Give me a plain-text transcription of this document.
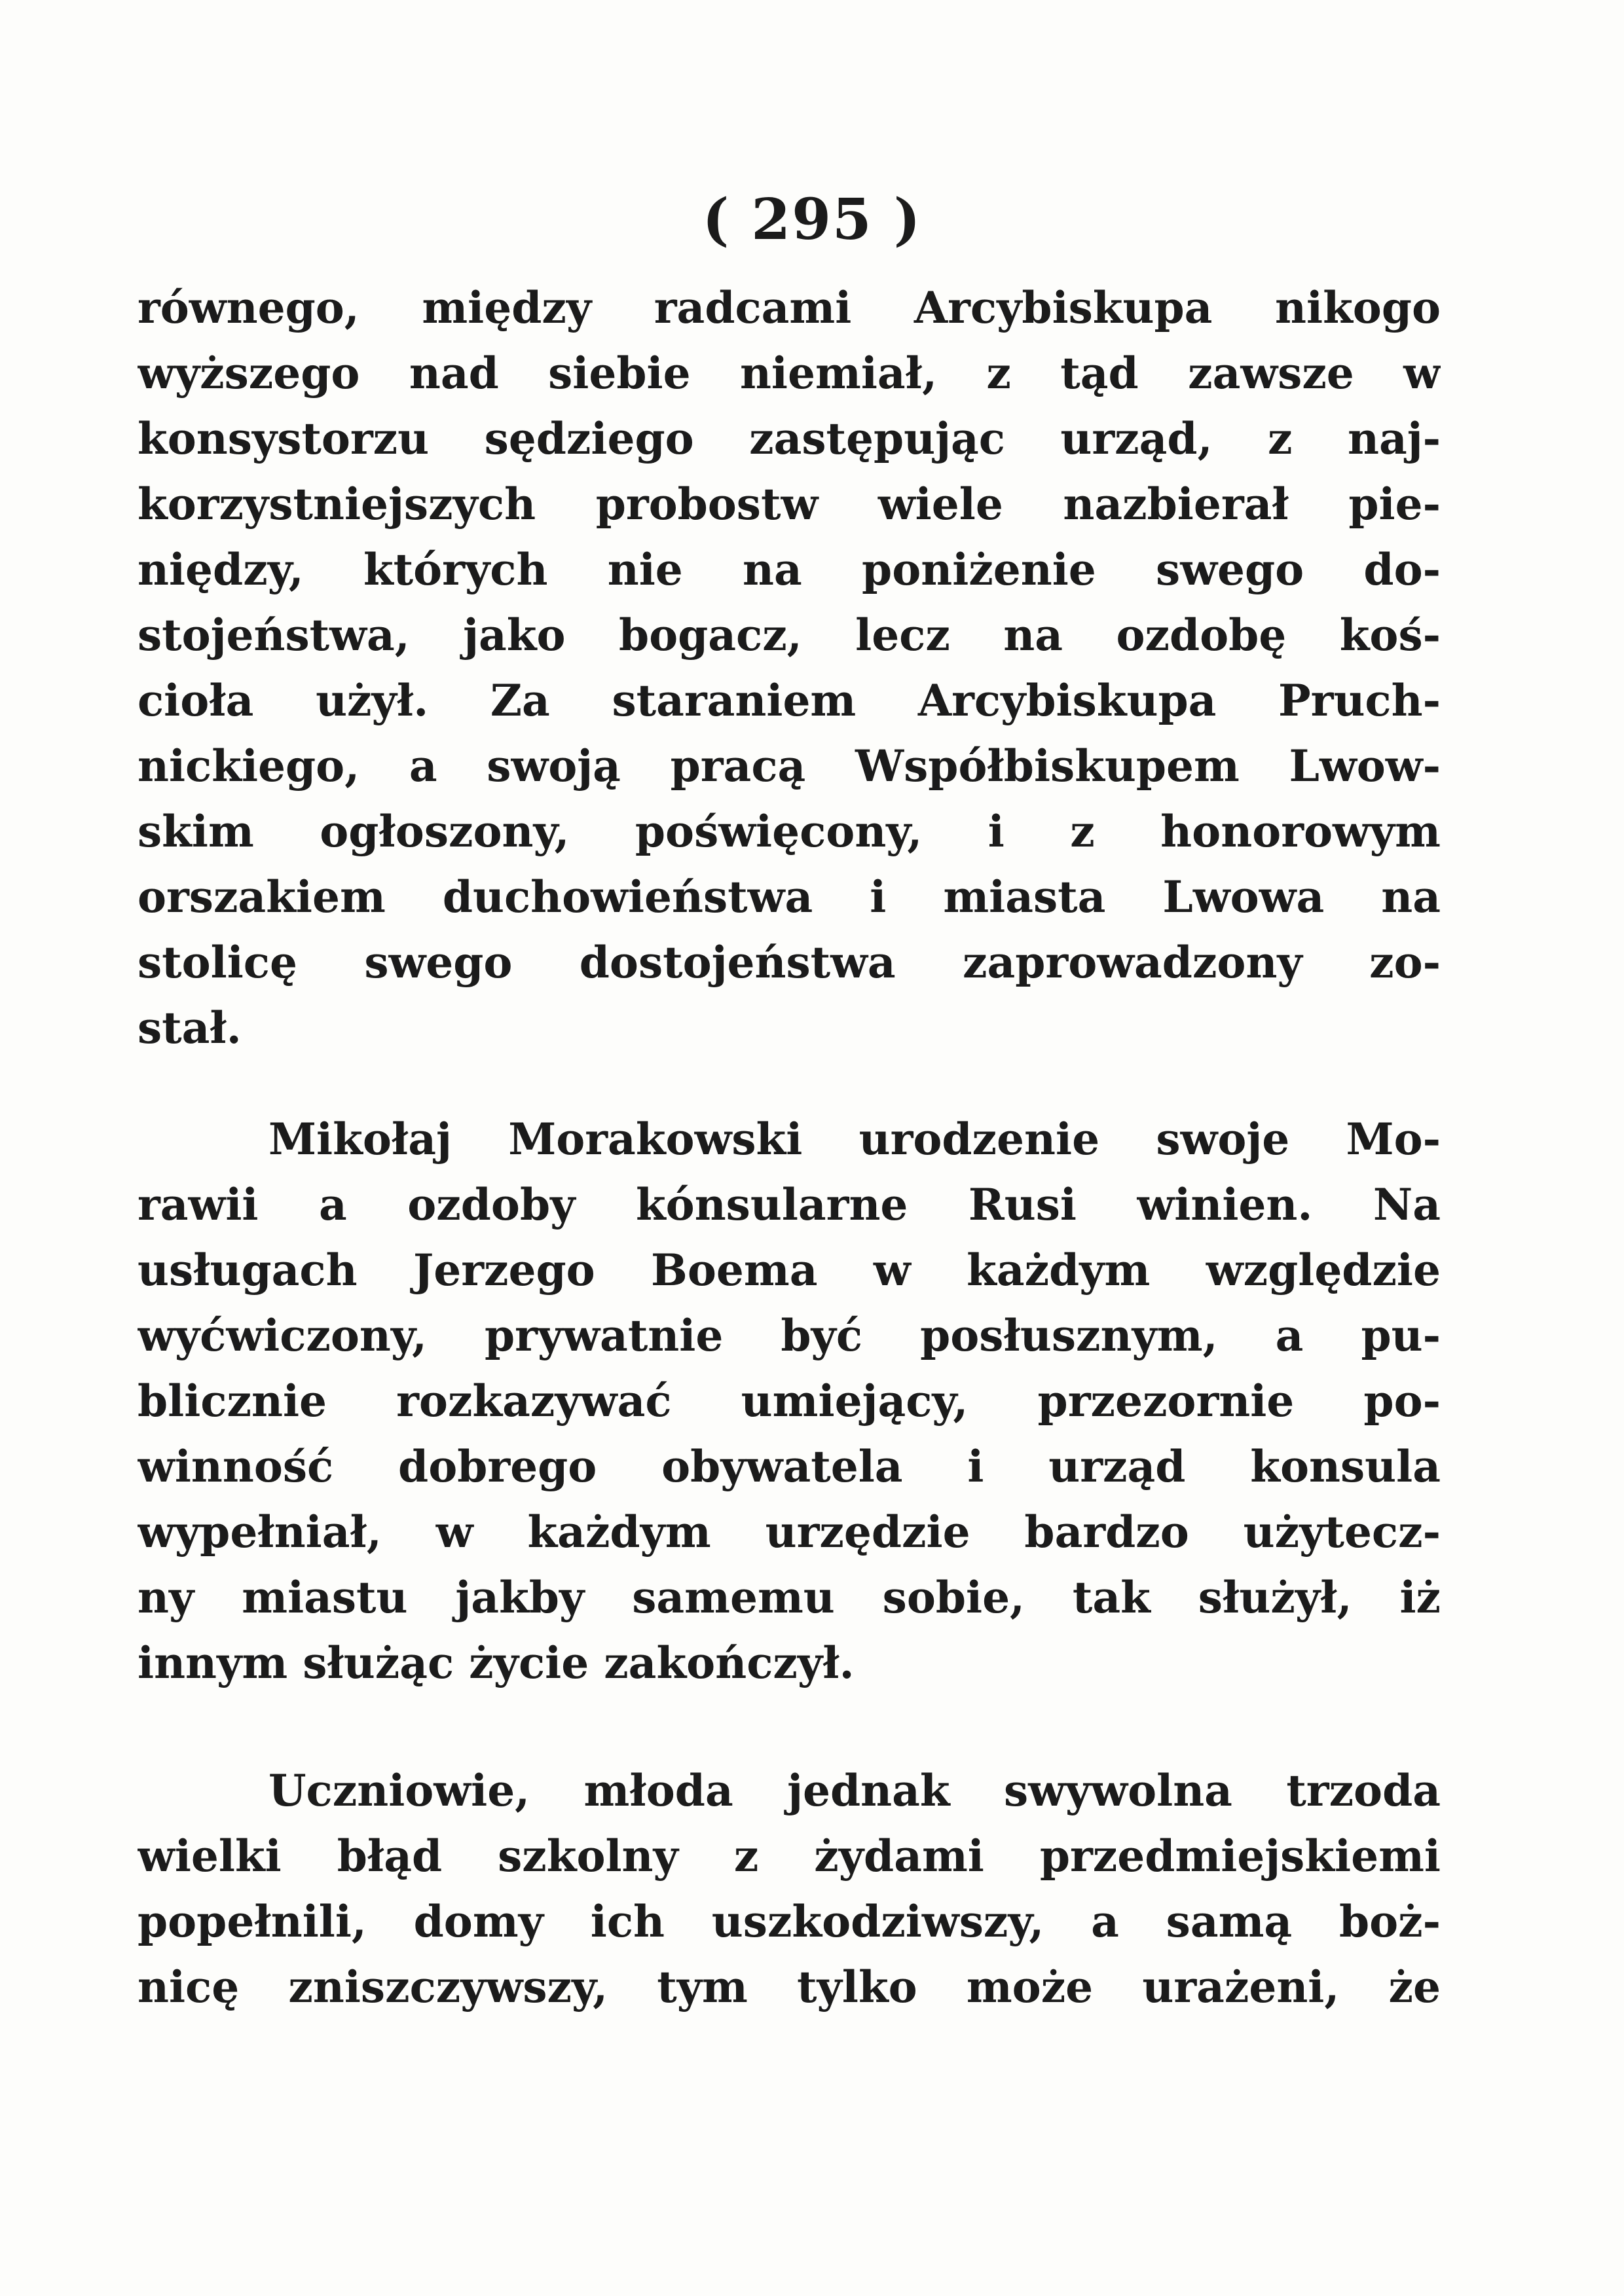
( 295 )
równego, między radcami Arcybiskupa nikogo
wyższego nad siebie niemiał, z tąd zawsze w
konsystorzu sędziego zastępując urząd, z naj-
korzystniejszych probostw wiele nazbierał pie-
niędzy, których nie na poniżenie swego do-
stojeństwa, jako bogacz, lecz na ozdobę koś-
cioła użył. Za staraniem Arcybiskupa Pruch-
nickiego, a swoją pracą Współbiskupem Lwow-
skim ogłoszony, poświęcony, i z honorowym
orszakiem duchowieństwa i miasta Lwowa na
stolicę swego dostojeństwa zaprowadzony zo-
stał.
Mikołaj Morakowski urodzenie swoje Mo-
rawii a ozdoby kónsularne Rusi winien. Na
usługach Jerzego Boema w każdym względzie
wyćwiczony, prywatnie być posłusznym, a pu-
blicznie rozkazywać umiejący, przezornie po-
winność dobrego obywatela i urząd konsula
wypełniał, w każdym urzędzie bardzo użytecz-
ny miastu jakby samemu sobie, tak służył, iż
innym służąc życie zakończył.
Uczniowie, młoda jednak swywolna trzoda
wielki błąd szkolny z żydami przedmiejskiemi
popełnili, domy ich uszkodziwszy, a samą boż-
nicę zniszczywszy, tym tylko może urażeni, że
